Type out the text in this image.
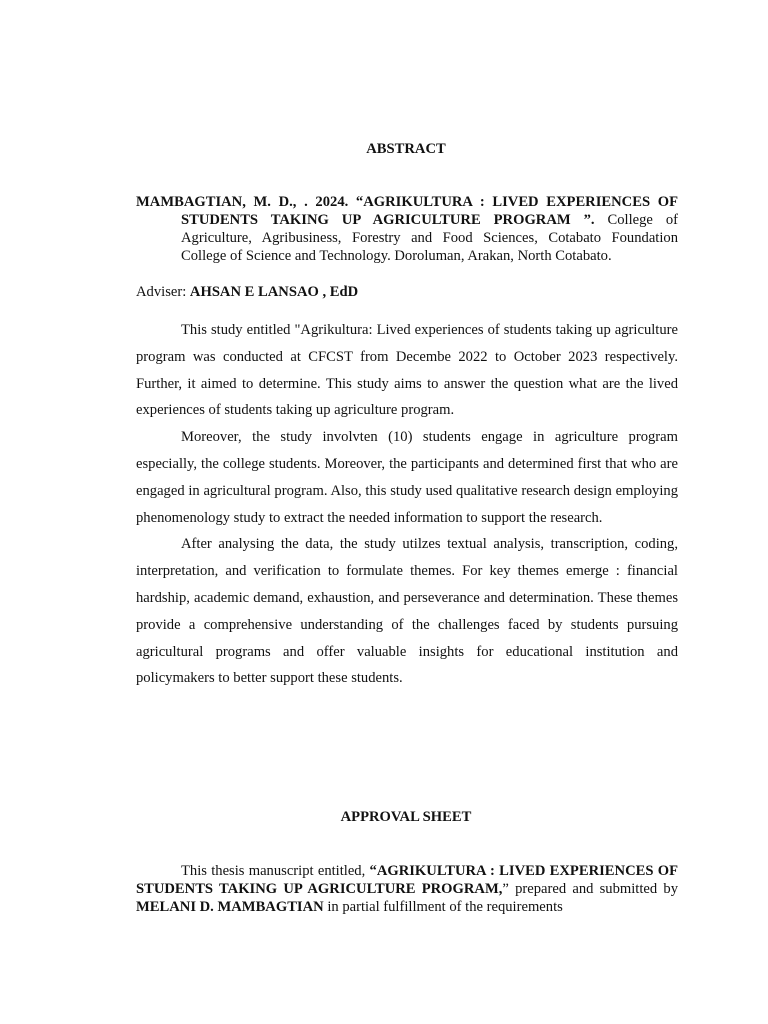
ABSTRACT
MAMBAGTIAN, M. D., . 2024. “AGRIKULTURA : LIVED EXPERIENCES OF STUDENTS TAKING UP AGRICULTURE PROGRAM ”. College of Agriculture, Agribusiness, Forestry and Food Sciences, Cotabato Foundation College of Science and Technology. Doroluman, Arakan, North Cotabato.
Adviser: AHSAN E LANSAO , EdD

This study entitled "Agrikultura: Lived experiences of students taking up agriculture program was conducted at CFCST from Decembe 2022 to October 2023 respectively. Further, it aimed to determine. This study aims to answer the question what are the lived experiences of students taking up agriculture program.

Moreover, the study involvten (10) students engage in agriculture program especially, the college students. Moreover, the participants and determined first that who are engaged in agricultural program. Also, this study used qualitative research design employing phenomenology study to extract the needed information to support the research.

After analysing the data, the study utilzes textual analysis, transcription, coding, interpretation, and verification to formulate themes. For key themes emerge : financial hardship, academic demand, exhaustion, and perseverance and determination. These themes provide a comprehensive understanding of the challenges faced by students pursuing agricultural programs and offer valuable insights for educational institution and policymakers to better support these students.

APPROVAL SHEET

This thesis manuscript entitled, “AGRIKULTURA : LIVED EXPERIENCES OF STUDENTS TAKING UP AGRICULTURE PROGRAM,” prepared and submitted by MELANI D. MAMBAGTIAN in partial fulfillment of the requirements
